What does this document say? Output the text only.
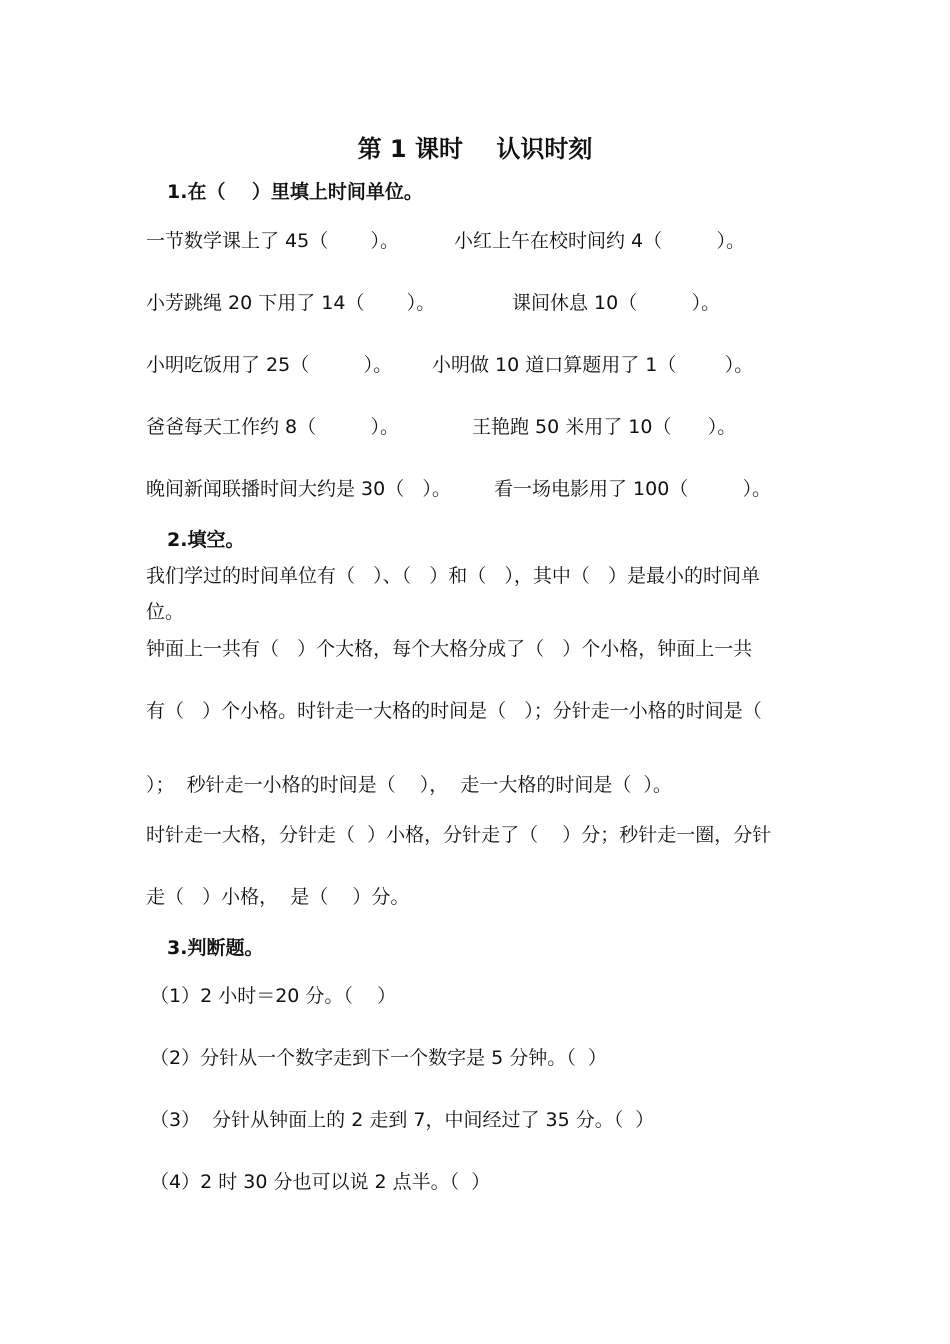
第 1 课时    认识时刻
1.在（    ）里填上时间单位。
一节数学课上了 45（       ）。	小红上午在校时间约 4（         ）。
小芳跳绳 20 下用了 14（       ）。	课间休息 10（         ）。
小明吃饭用了 25（         ）。 小明做 10 道口算题用了 1（        ）。
爸爸每天工作约 8（         ）。	王艳跑 50 米用了 10（      ）。
晚间新闻联播时间大约是 30（   ）。 看一场电影用了 100（         ）。
2.填空。
我们学过的时间单位有（   ）、（   ）和（   ），其中（   ）是最小的时间单
位。
钟面上一共有（   ）个大格，每个大格分成了（   ）个小格，钟面上一共
有（   ）个小格。时针走一大格的时间是（   ）；分针走一小格的时间是（
）；  秒针走一小格的时间是（    ），  走一大格的时间是（  ）。
时针走一大格，分针走（  ）小格，分针走了（    ）分；秒针走一圈，分针
走（   ）小格，  是（    ）分。
3.判断题。
（1）2 小时＝20 分。（    ）
（2）分针从一个数字走到下一个数字是 5 分钟。（  ）
（3）  分针从钟面上的 2 走到 7，中间经过了 35 分。（  ）
（4）2 时 30 分也可以说 2 点半。（  ）
